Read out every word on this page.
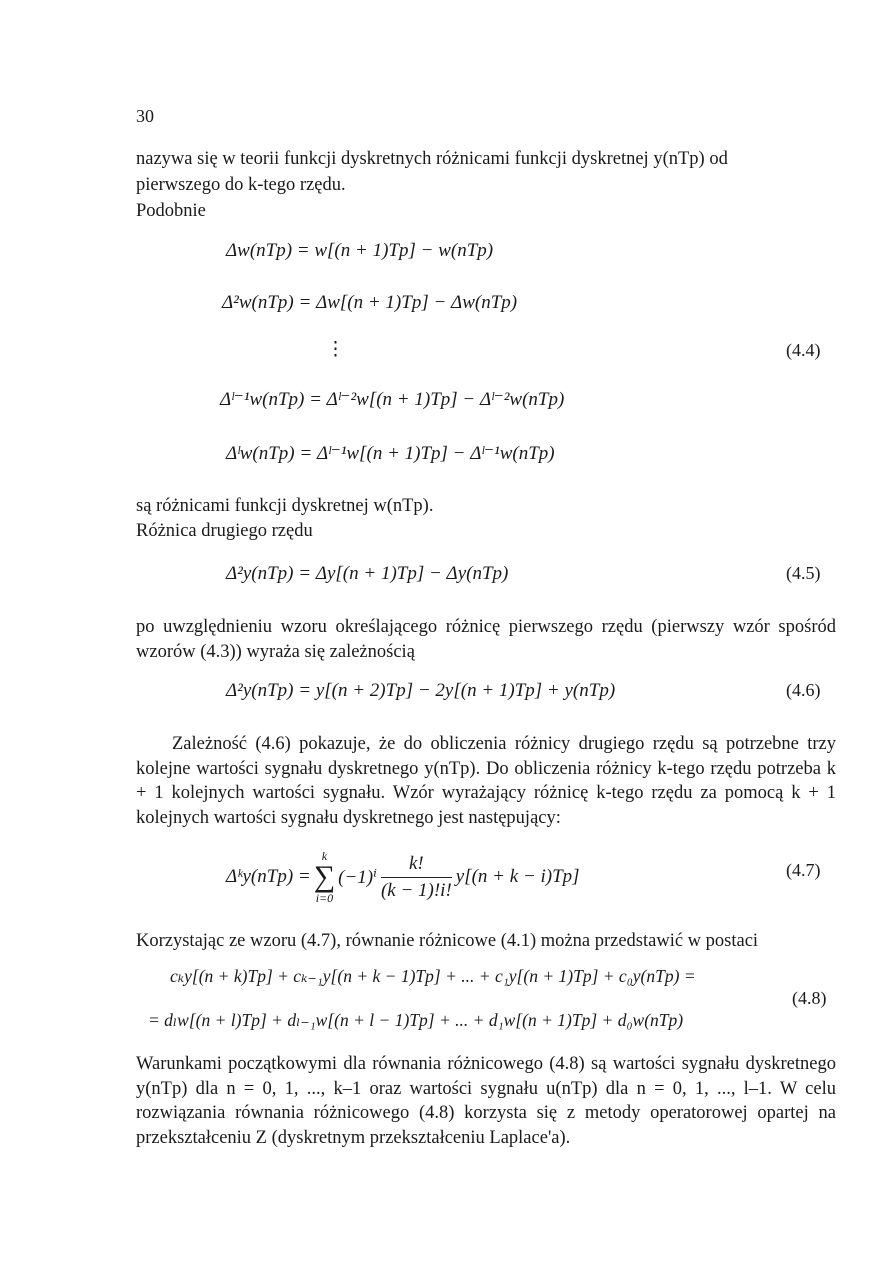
30
nazywa się w teorii funkcji dyskretnych różnicami funkcji dyskretnej y(nTp) od
pierwszego do k-tego rzędu.
Podobnie
Δw(nTp) = w[(n + 1)Tp] − w(nTp)
Δ²w(nTp) = Δw[(n + 1)Tp] − Δw(nTp)
⋮	(4.4)
Δˡ⁻¹w(nTp) = Δˡ⁻²w[(n + 1)Tp] − Δˡ⁻²w(nTp)
Δˡw(nTp) = Δˡ⁻¹w[(n + 1)Tp] − Δˡ⁻¹w(nTp)
są różnicami funkcji dyskretnej w(nTp).
Różnica drugiego rzędu
Δ²y(nTp) = Δy[(n + 1)Tp] − Δy(nTp)	(4.5)
po uwzględnieniu wzoru określającego różnicę pierwszego rzędu (pierwszy wzór spośród wzorów (4.3)) wyraża się zależnością
Δ²y(nTp) = y[(n + 2)Tp] − 2y[(n + 1)Tp] + y(nTp)	(4.6)
Zależność (4.6) pokazuje, że do obliczenia różnicy drugiego rzędu są potrzebne trzy kolejne wartości sygnału dyskretnego y(nTp). Do obliczenia różnicy k-tego rzędu potrzeba k + 1 kolejnych wartości sygnału. Wzór wyrażający różnicę k-tego rzędu za pomocą k + 1 kolejnych wartości sygnału dyskretnego jest następujący:
Δᵏy(nTp) =
k
∑
i=0
$(-1)^i \frac{k!}{(k - 1)!i!} y[(n + k - i)Tp]$	(4.7)
Korzystając ze wzoru (4.7), równanie różnicowe (4.1) można przedstawić w postaci
cₖy[(n + k)Tp] + cₖ₋₁y[(n + k − 1)Tp] + ... + c₁y[(n + 1)Tp] + c₀y(nTp) =
= dₗw[(n + l)Tp] + dₗ₋₁w[(n + l − 1)Tp] + ... + d₁w[(n + 1)Tp] + d₀w(nTp)
(4.8)
Warunkami początkowymi dla równania różnicowego (4.8) są wartości sygnału dyskretnego y(nTp) dla n = 0, 1, ..., k–1 oraz wartości sygnału u(nTp) dla n = 0, 1, ..., l–1. W celu rozwiązania równania różnicowego (4.8) korzysta się z metody operatorowej opartej na przekształceniu Z (dyskretnym przekształceniu Laplace'a).
